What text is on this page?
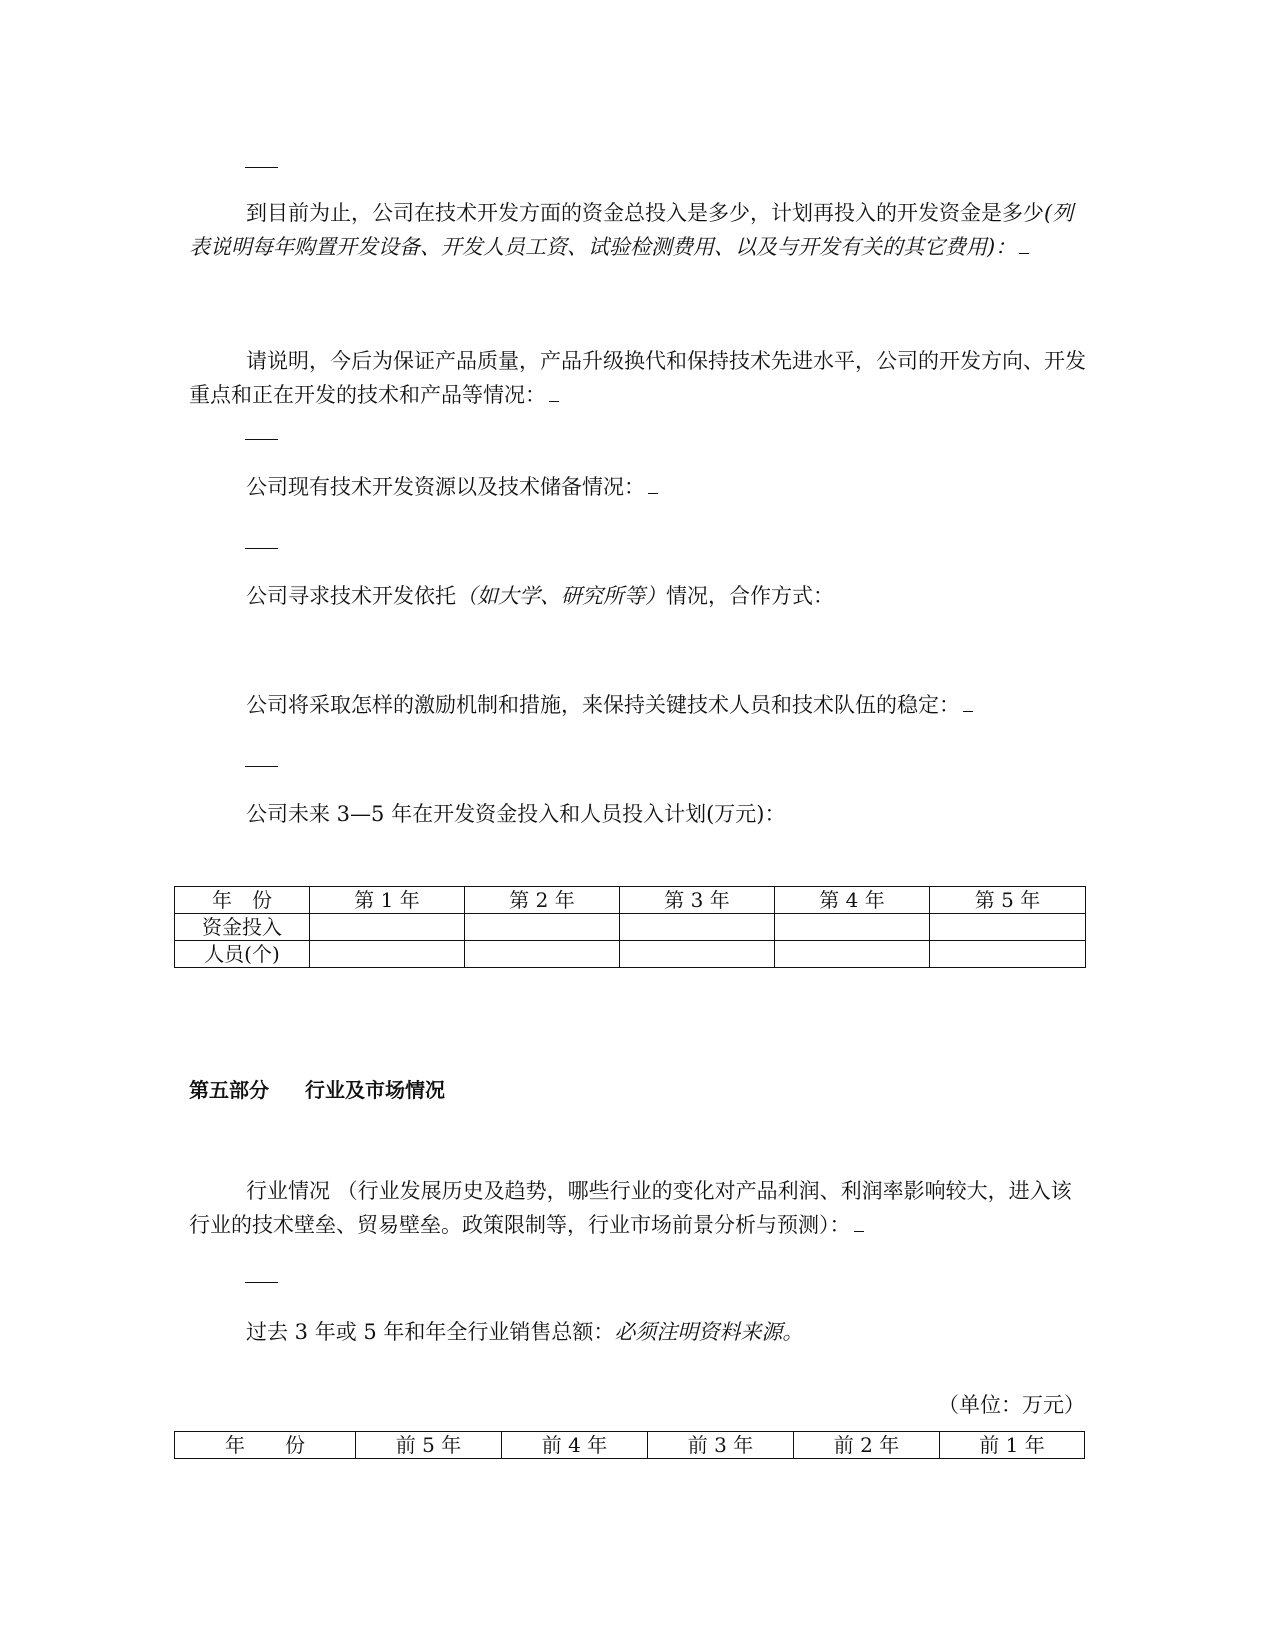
到目前为止，公司在技术开发方面的资金总投入是多少，计划再投入的开发资金是多少(列表说明每年购置开发设备、开发人员工资、试验检测费用、以及与开发有关的其它费用)：
请说明，今后为保证产品质量，产品升级换代和保持技术先进水平，公司的开发方向、开发重点和正在开发的技术和产品等情况：
公司现有技术开发资源以及技术储备情况：
公司寻求技术开发依托（如大学、研究所等）情况，合作方式：
公司将采取怎样的激励机制和措施，来保持关键技术人员和技术队伍的稳定：
公司未来 3—5 年在开发资金投入和人员投入计划(万元)：
年　份	第 1 年	第 2 年	第 3 年	第 4 年	第 5 年
资金投入					
人员(个)					
第五部分 行业及市场情况
行业情况 （行业发展历史及趋势，哪些行业的变化对产品利润、利润率影响较大，进入该行业的技术壁垒、贸易壁垒。政策限制等，行业市场前景分析与预测）：
过去 3 年或 5 年和年全行业销售总额：必须注明资料来源。
（单位：万元）
年　　份	前 5 年	前 4 年	前 3 年	前 2 年	前 1 年
